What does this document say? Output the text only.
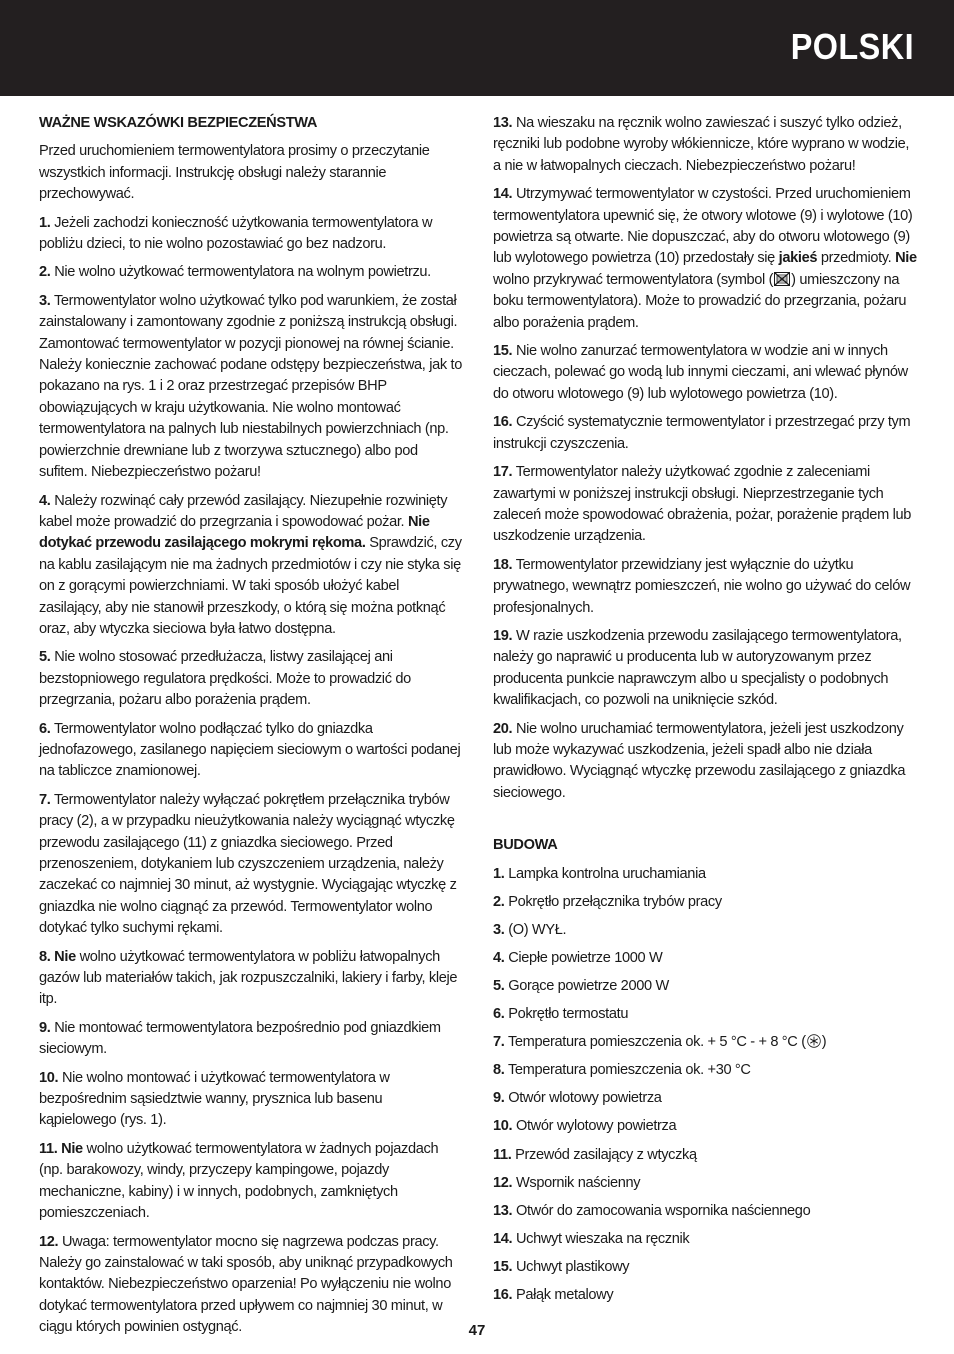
POLSKI

WAŻNE WSKAZÓWKI BEZPIECZEŃSTWA

Przed uruchomieniem termowentylatora prosimy o przeczytanie wszystkich informacji. Instrukcję obsługi należy starannie przechowywać.

1. Jeżeli zachodzi konieczność użytkowania termowentylatora w pobliżu dzieci, to nie wolno pozostawiać go bez nadzoru.

2. Nie wolno użytkować termowentylatora na wolnym powietrzu.

3. Termowentylator wolno użytkować tylko pod warunkiem, że został zainstalowany i zamontowany zgodnie z poniższą instrukcją obsługi. Zamontować termowentylator w pozycji pionowej na równej ścianie. Należy koniecznie zachować podane odstępy bezpieczeństwa, jak to pokazano na rys. 1 i 2 oraz przestrzegać przepisów BHP obowiązujących w kraju użytkowania. Nie wolno montować termowentylatora na palnych lub niestabilnych powierzchniach (np. powierzchnie drewniane lub z tworzywa sztucznego) albo pod sufitem. Niebezpieczeństwo pożaru!

4. Należy rozwinąć cały przewód zasilający. Niezupełnie rozwinięty kabel może prowadzić do przegrzania i spowodować pożar. Nie dotykać przewodu zasilającego mokrymi rękoma. Sprawdzić, czy na kablu zasilającym nie ma żadnych przedmiotów i czy nie styka się on z gorącymi powierzchniami. W taki sposób ułożyć kabel zasilający, aby nie stanowił przeszkody, o którą się można potknąć oraz, aby wtyczka sieciowa była łatwo dostępna.

5. Nie wolno stosować przedłużacza, listwy zasilającej ani bezstopniowego regulatora prędkości. Może to prowadzić do przegrzania, pożaru albo porażenia prądem.

6. Termowentylator wolno podłączać tylko do gniazdka jednofazowego, zasilanego napięciem sieciowym o wartości podanej na tabliczce znamionowej.

7. Termowentylator należy wyłączać pokrętłem przełącznika trybów pracy (2), a w przypadku nieużytkowania należy wyciągnąć wtyczkę przewodu zasilającego (11) z gniazdka sieciowego. Przed przenoszeniem, dotykaniem lub czyszczeniem urządzenia, należy zaczekać co najmniej 30 minut, aż wystygnie. Wyciągając wtyczkę z gniazdka nie wolno ciągnąć za przewód. Termowentylator wolno dotykać tylko suchymi rękami.

8. Nie wolno użytkować termowentylatora w pobliżu łatwopalnych gazów lub materiałów takich, jak rozpuszczalniki, lakiery i farby, kleje itp.

9. Nie montować termowentylatora bezpośrednio pod gniazdkiem sieciowym.

10. Nie wolno montować i użytkować termowentylatora w bezpośrednim sąsiedztwie wanny, prysznica lub basenu kąpielowego (rys. 1).

11. Nie wolno użytkować termowentylatora w żadnych pojazdach (np. barakowozy, windy, przyczepy kampingowe, pojazdy mechaniczne, kabiny) i w innych, podobnych, zamkniętych pomieszczeniach.

12. Uwaga: termowentylator mocno się nagrzewa podczas pracy. Należy go zainstalować w taki sposób, aby uniknąć przypadkowych kontaktów. Niebezpieczeństwo oparzenia! Po wyłączeniu nie wolno dotykać termowentylatora przed upływem co najmniej 30 minut, w ciągu których powinien ostygnąć.

13. Na wieszaku na ręcznik wolno zawieszać i suszyć tylko odzież, ręczniki lub podobne wyroby włókiennicze, które wyprano w wodzie, a nie w łatwopalnych cieczach. Niebezpieczeństwo pożaru!

14. Utrzymywać termowentylator w czystości. Przed uruchomieniem termowentylatora upewnić się, że otwory wlotowe (9) i wylotowe (10) powietrza są otwarte. Nie dopuszczać, aby do otworu wlotowego (9) lub wylotowego powietrza (10) przedostały się jakieś przedmioty. Nie wolno przykrywać termowentylatora (symbol ( ) umieszczony na boku termowentylatora). Może to prowadzić do przegrzania, pożaru albo porażenia prądem.

15. Nie wolno zanurzać termowentylatora w wodzie ani w innych cieczach, polewać go wodą lub innymi cieczami, ani wlewać płynów do otworu wlotowego (9) lub wylotowego powietrza (10).

16. Czyścić systematycznie termowentylator i przestrzegać przy tym instrukcji czyszczenia.

17. Termowentylator należy użytkować zgodnie z zaleceniami zawartymi w poniższej instrukcji obsługi. Nieprzestrzeganie tych zaleceń może spowodować obrażenia, pożar, porażenie prądem lub uszkodzenie urządzenia.

18. Termowentylator przewidziany jest wyłącznie do użytku prywatnego, wewnątrz pomieszczeń, nie wolno go używać do celów profesjonalnych.

19. W razie uszkodzenia przewodu zasilającego termowentylatora, należy go naprawić u producenta lub w autoryzowanym przez producenta punkcie naprawczym albo u specjalisty o podobnych kwalifikacjach, co pozwoli na uniknięcie szkód.

20. Nie wolno uruchamiać termowentylatora, jeżeli jest uszkodzony lub może wykazywać uszkodzenia, jeżeli spadł albo nie działa prawidłowo. Wyciągnąć wtyczkę przewodu zasilającego z gniazdka sieciowego.

BUDOWA

1. Lampka kontrolna uruchamiania
2. Pokrętło przełącznika trybów pracy
3. (O) WYŁ.
4. Ciepłe powietrze 1000 W
5. Gorące powietrze 2000 W
6. Pokrętło termostatu
7. Temperatura pomieszczenia ok. + 5 °C - + 8 °C ( )
8. Temperatura pomieszczenia ok. +30 °C
9. Otwór wlotowy powietrza
10. Otwór wylotowy powietrza
11. Przewód zasilający z wtyczką
12. Wspornik naścienny
13. Otwór do zamocowania wspornika naściennego
14. Uchwyt wieszaka na ręcznik
15. Uchwyt plastikowy
16. Pałąk metalowy
47
